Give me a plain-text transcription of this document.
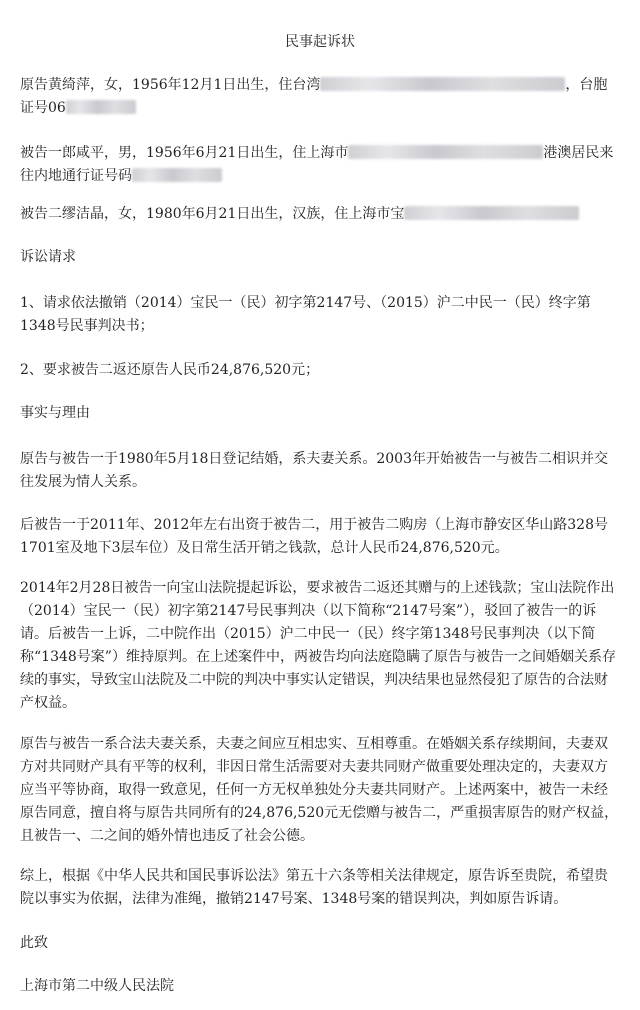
民事起诉状

原告黄绮萍，女，1956年12月1日出生，住台湾	，台胞证号06

被告一郎咸平，男，1956年6月21日出生，住上海市	港澳居民来往内地通行证号码

被告二缪洁晶，女，1980年6月21日出生，汉族，住上海市宝

诉讼请求

1、请求依法撤销（2014）宝民一（民）初字第2147号、（2015）沪二中民一（民）终字第1348号民事判决书；

2、要求被告二返还原告人民币24,876,520元；

事实与理由

原告与被告一于1980年5月18日登记结婚，系夫妻关系。2003年开始被告一与被告二相识并交往发展为情人关系。

后被告一于2011年、2012年左右出资于被告二，用于被告二购房（上海市静安区华山路328号1701室及地下3层车位）及日常生活开销之钱款，总计人民币24,876,520元。

2014年2月28日被告一向宝山法院提起诉讼，要求被告二返还其赠与的上述钱款；宝山法院作出（2014）宝民一（民）初字第2147号民事判决（以下简称“2147号案”），驳回了被告一的诉请。后被告一上诉，二中院作出（2015）沪二中民一（民）终字第1348号民事判决（以下简称“1348号案”）维持原判。在上述案件中，两被告均向法庭隐瞒了原告与被告一之间婚姻关系存续的事实，导致宝山法院及二中院的判决中事实认定错误，判决结果也显然侵犯了原告的合法财产权益。

原告与被告一系合法夫妻关系，夫妻之间应互相忠实、互相尊重。在婚姻关系存续期间，夫妻双方对共同财产具有平等的权利，非因日常生活需要对夫妻共同财产做重要处理决定的，夫妻双方应当平等协商，取得一致意见，任何一方无权单独处分夫妻共同财产。上述两案中，被告一未经原告同意，擅自将与原告共同所有的24,876,520元无偿赠与被告二，严重损害原告的财产权益，且被告一、二之间的婚外情也违反了社会公德。

综上，根据《中华人民共和国民事诉讼法》第五十六条等相关法律规定，原告诉至贵院，希望贵院以事实为依据，法律为准绳，撤销2147号案、1348号案的错误判决，判如原告诉请。

此致

上海市第二中级人民法院
